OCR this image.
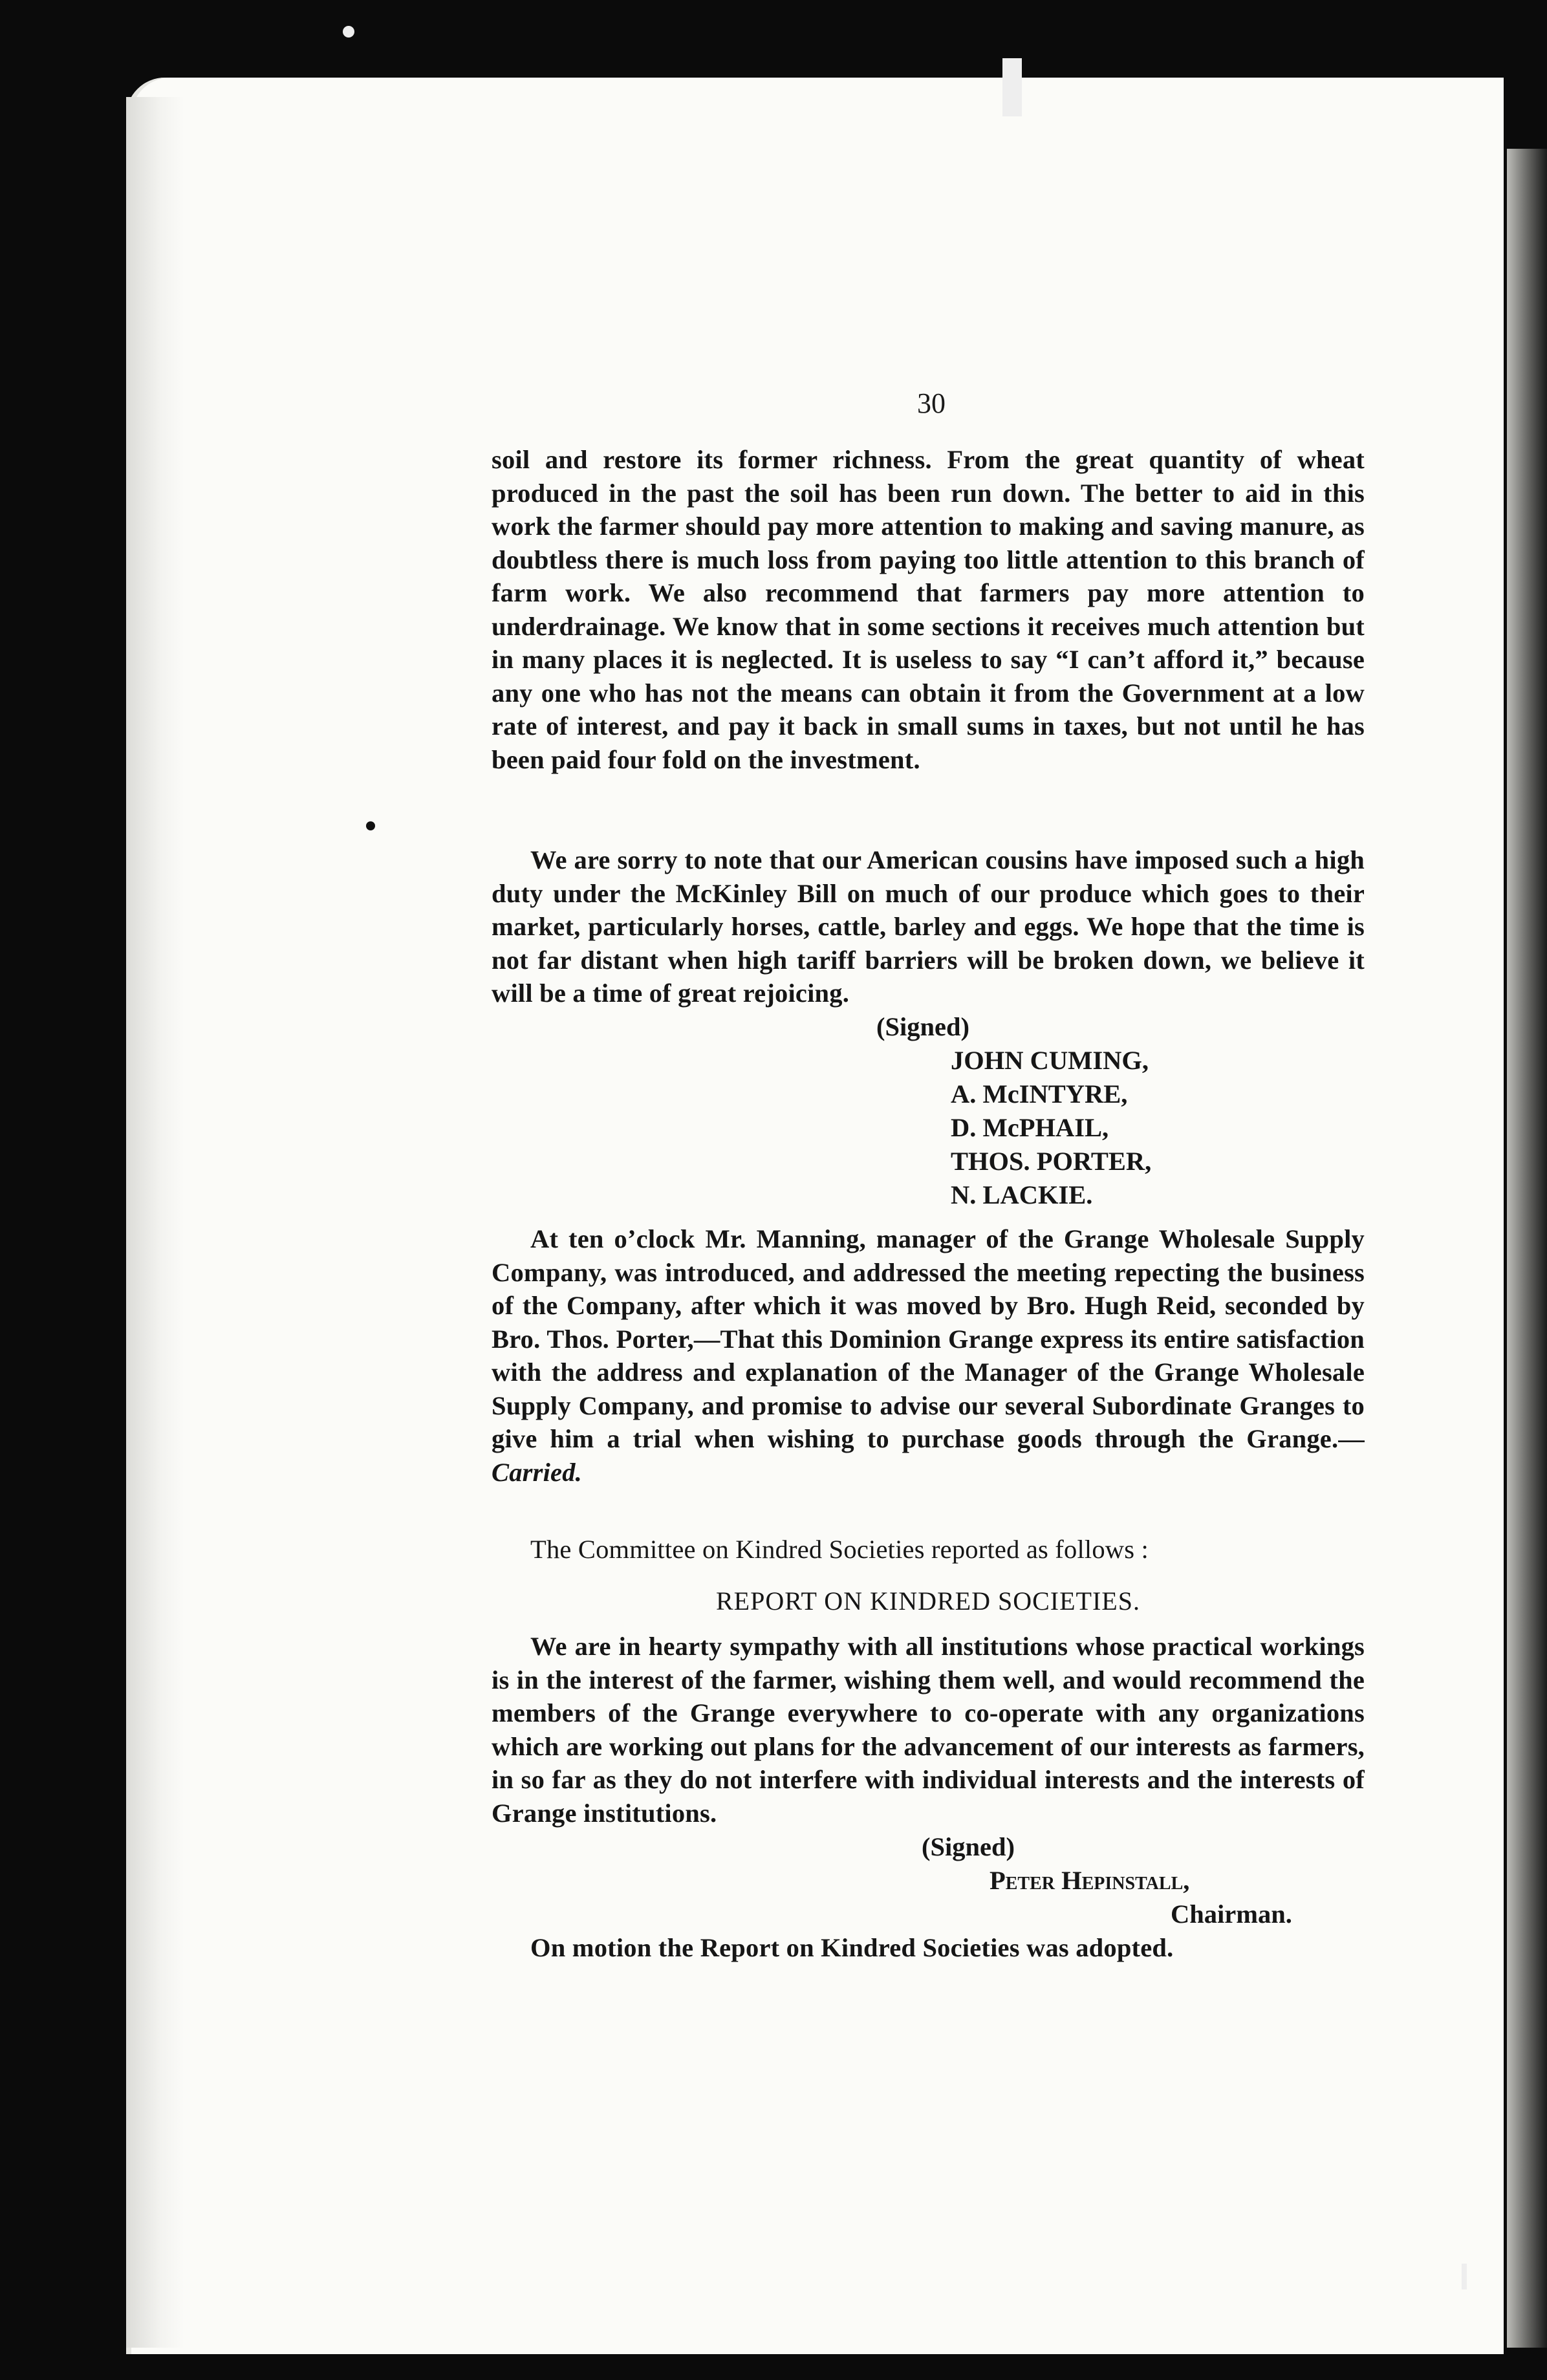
30

soil and restore its former richness. From the great quantity of wheat produced in the past the soil has been run down. The better to aid in this work the farmer should pay more attention to making and saving manure, as doubtless there is much loss from paying too little attention to this branch of farm work. We also recommend that farmers pay more attention to underdrainage. We know that in some sections it receives much attention but in many places it is neglected. It is useless to say “I can’t afford it,” because any one who has not the means can obtain it from the Government at a low rate of interest, and pay it back in small sums in taxes, but not until he has been paid four fold on the investment.

We are sorry to note that our American cousins have imposed such a high duty under the McKinley Bill on much of our produce which goes to their market, particularly horses, cattle, barley and eggs. We hope that the time is not far distant when high tariff barriers will be broken down, we believe it will be a time of great rejoicing.

(Signed)
JOHN CUMING,
A. McINTYRE,
D. McPHAIL,
THOS. PORTER,
N. LACKIE.

At ten o’clock Mr. Manning, manager of the Grange Wholesale Supply Company, was introduced, and addressed the meeting repecting the business of the Company, after which it was moved by Bro. Hugh Reid, seconded by Bro. Thos. Porter,—That this Dominion Grange express its entire satisfaction with the address and explanation of the Manager of the Grange Wholesale Supply Company, and promise to advise our several Subordinate Granges to give him a trial when wishing to purchase goods through the Grange.—Carried.

The Committee on Kindred Societies reported as follows :

REPORT ON KINDRED SOCIETIES.

We are in hearty sympathy with all institutions whose practical workings is in the interest of the farmer, wishing them well, and would recommend the members of the Grange everywhere to co-operate with any organizations which are working out plans for the advancement of our interests as farmers, in so far as they do not interfere with individual interests and the interests of Grange institutions.

(Signed)
Peter Hepinstall,
Chairman.

On motion the Report on Kindred Societies was adopted.
